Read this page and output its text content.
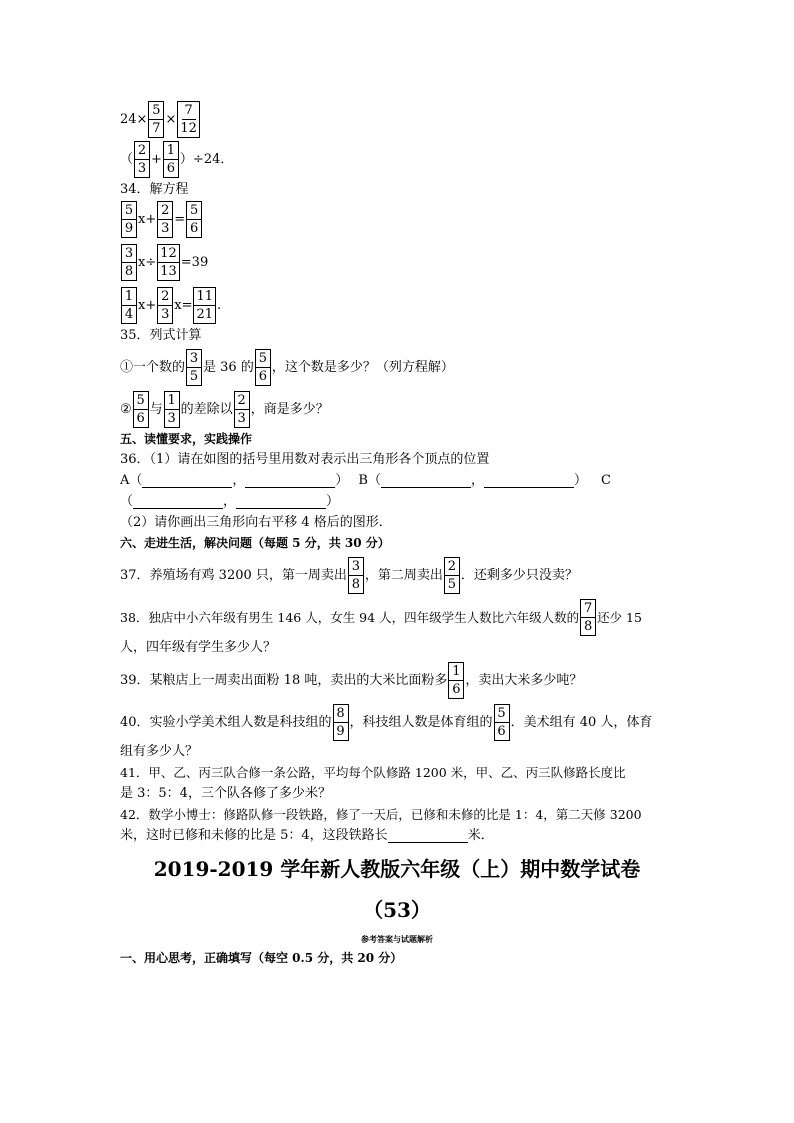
$24\times \frac{5}{7} \times \frac{7}{12}$
（ $\frac{2}{3} + \frac{1}{6} )\div 24$．
34．解方程
$\frac{5}{9} x+ \frac{2}{3} = \frac{5}{6}$
$\frac{3}{8} x\div \frac{12}{13} =39$
$\frac{1}{4} x+ \frac{2}{3} x= \frac{11}{21}$ .
35．列式计算
①一个数的 $\frac{3}{5}$ 是 36 的 $\frac{5}{6}$ ，这个数是多少？（列方程解）
② $\frac{5}{6}$ 与 $\frac{1}{3}$ 的差除以 $\frac{2}{3}$ ，商是多少？
五、读懂要求，实践操作
36．（1）请在如图的括号里用数对表示出三角形各个顶点的位置
A（	，	） B（	，	） C
（	，	）
（2）请你画出三角形向右平移 4 格后的图形．
六、走进生活，解决问题（每题 5 分，共 30 分）
37．养殖场有鸡 3200 只，第一周卖出 $\frac{3}{8}$ ，第二周卖出 $\frac{2}{5}$ ．还剩多少只没卖？
38．独店中小六年级有男生 146 人，女生 94 人，四年级学生人数比六年级人数的 $\frac{7}{8}$ 还少 15
人，四年级有学生多少人？
39．某粮店上一周卖出面粉 18 吨，卖出的大米比面粉多 $\frac{1}{6}$ ，卖出大米多少吨？
40．实验小学美术组人数是科技组的 $\frac{8}{9}$ ，科技组人数是体育组的 $\frac{5}{6}$ ．美术组有 40 人，体育
组有多少人？
41．甲、乙、丙三队合修一条公路，平均每个队修路 1200 米，甲、乙、丙三队修路长度比
是 3：5：4，三个队各修了多少米？
42．数学小博士：修路队修一段铁路，修了一天后，已修和未修的比是 1：4，第二天修 3200
米，这时已修和未修的比是 5：4，这段铁路长	米．
2019-2019 学年新人教版六年级（上）期中数学试卷
（53）
参考答案与试题解析
一、用心思考，正确填写（每空 0.5 分，共 20 分）
